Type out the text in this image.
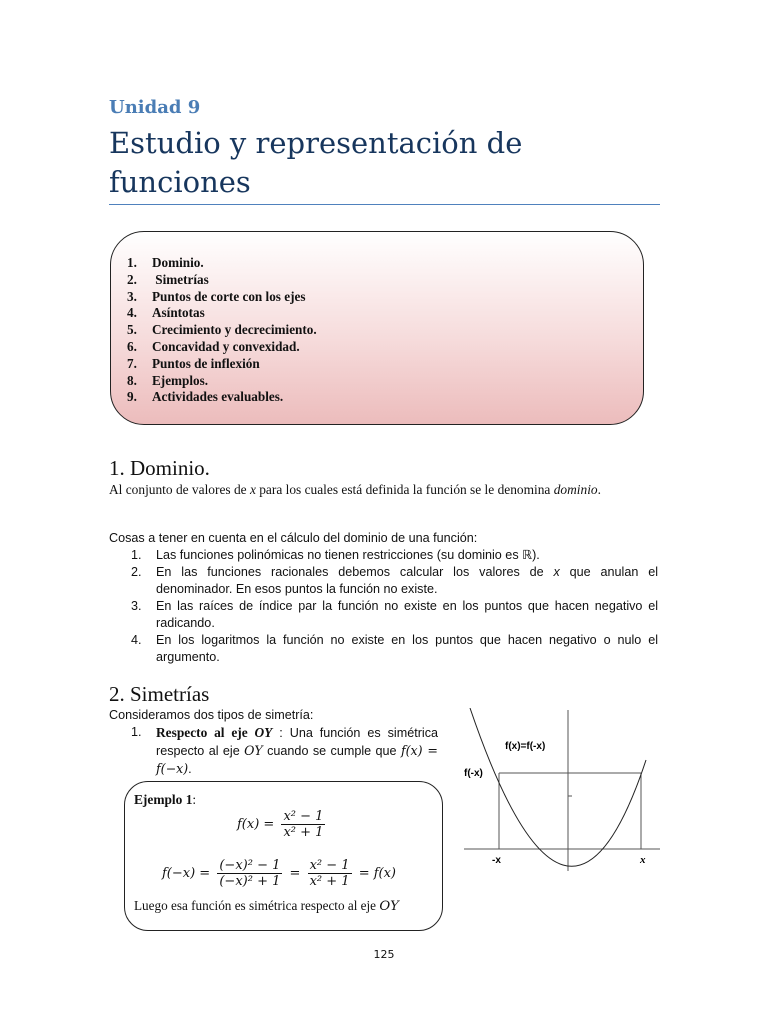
Unidad 9
Estudio y representación de
funciones
1. Dominio.
2. Simetrías
3. Puntos de corte con los ejes
4. Asíntotas
5. Crecimiento y decrecimiento.
6. Concavidad y convexidad.
7. Puntos de inflexión
8. Ejemplos.
9. Actividades evaluables.
1. Dominio.
Al conjunto de valores de x para los cuales está definida la función se le denomina dominio.
Cosas a tener en cuenta en el cálculo del dominio de una función:
1. Las funciones polinómicas no tienen restricciones (su dominio es ℝ).
2. En las funciones racionales debemos calcular los valores de x que anulan el denominador. En esos puntos la función no existe.
3. En las raíces de índice par la función no existe en los puntos que hacen negativo el radicando.
4. En los logaritmos la función no existe en los puntos que hacen negativo o nulo el argumento.
2. Simetrías
Consideramos dos tipos de simetría:
1. Respecto al eje OY : Una función es simétrica respecto al eje OY cuando se cumple que f(x) = f(−x).
Ejemplo 1:
$f(x) = \frac{\text{x² − 1}}{\text{x² + 1}}$
$f(-x) = \frac{\text{(−x)² − 1}}{\text{(−x)² + 1}} = \frac{\text{x² − 1}}{\text{x² + 1}} = f(x)$
Luego esa función es simétrica respecto al eje OY
f(x)=f(-x)
f(-x)
-x	x
125
